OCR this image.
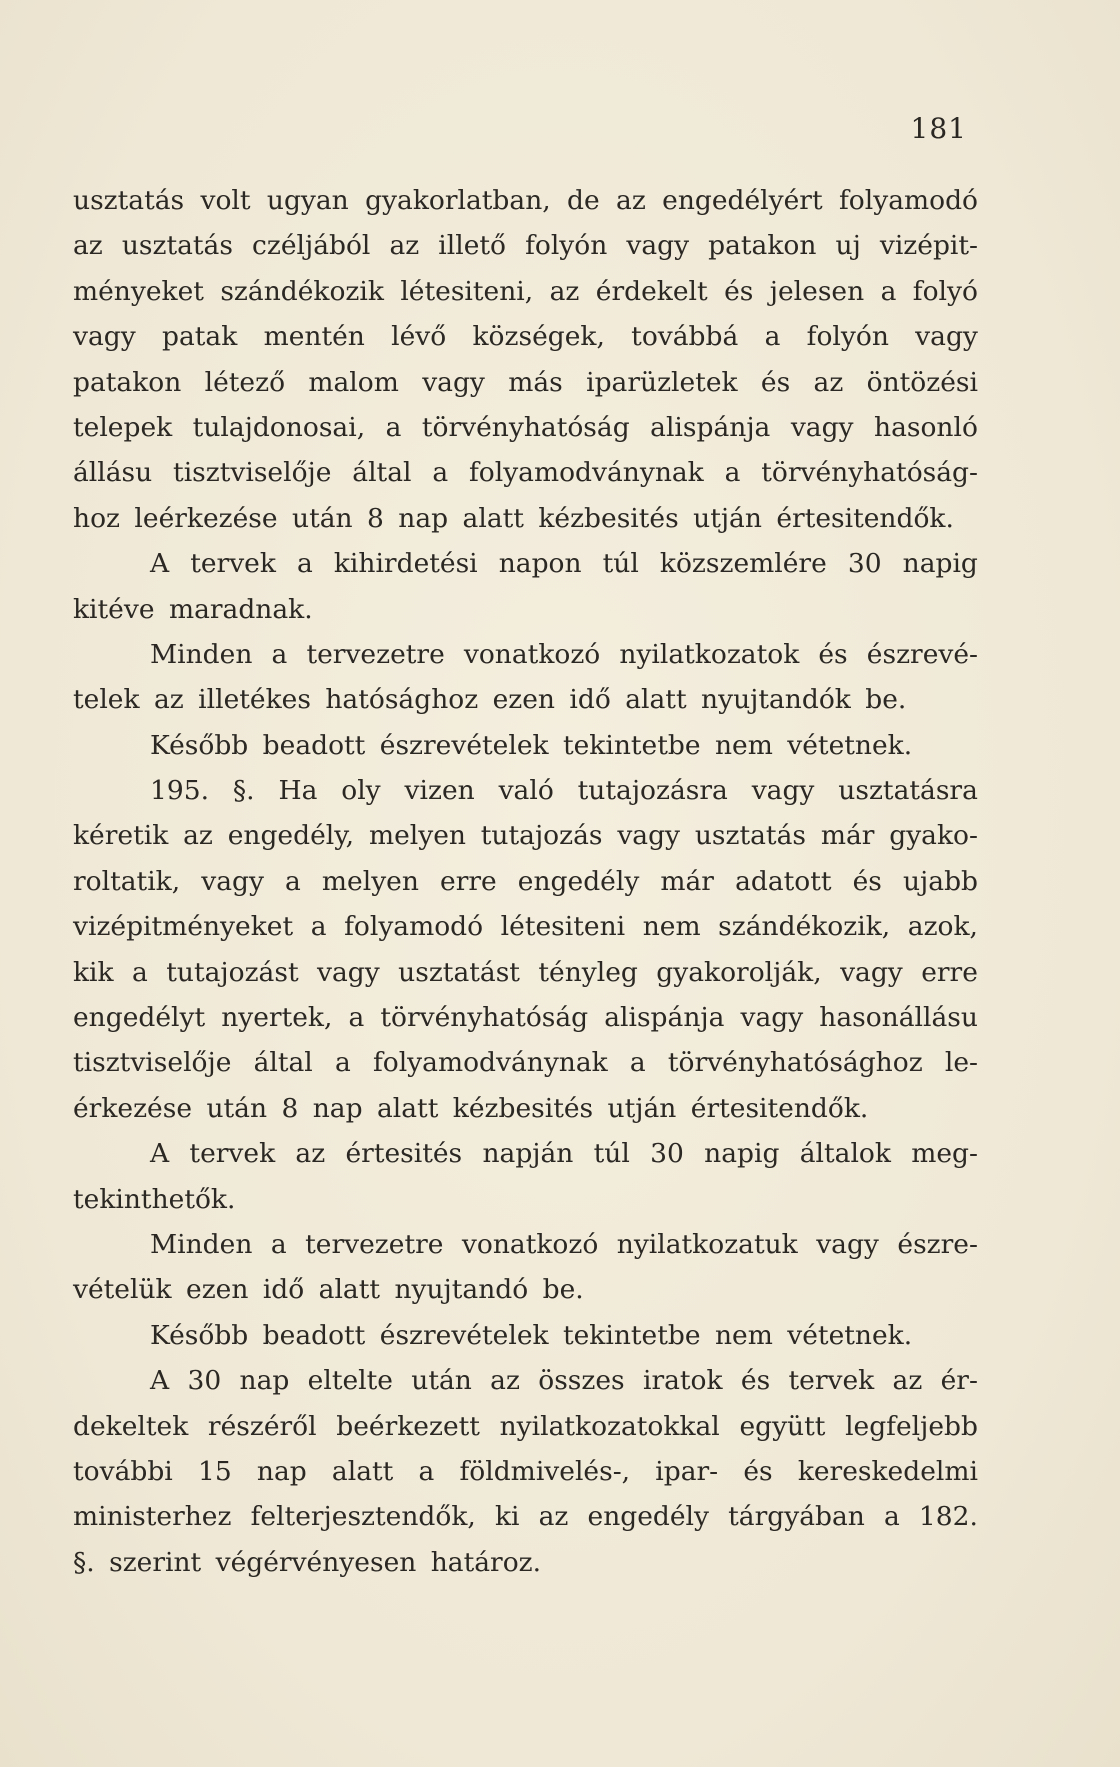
181
usztatás volt ugyan gyakorlatban, de az engedélyért folyamodó
az usztatás czéljából az illető folyón vagy patakon uj vizépit-
ményeket szándékozik létesiteni, az érdekelt és jelesen a folyó
vagy patak mentén lévő községek, továbbá a folyón vagy
patakon létező malom vagy más iparüzletek és az öntözési
telepek tulajdonosai, a törvényhatóság alispánja vagy hasonló
állásu tisztviselője által a folyamodványnak a törvényhatóság-
hoz leérkezése után 8 nap alatt kézbesités utján értesitendők.
A tervek a kihirdetési napon túl közszemlére 30 napig
kitéve maradnak.
Minden a tervezetre vonatkozó nyilatkozatok és észrevé-
telek az illetékes hatósághoz ezen idő alatt nyujtandók be.
Később beadott észrevételek tekintetbe nem vétetnek.
195. §. Ha oly vizen való tutajozásra vagy usztatásra
kéretik az engedély, melyen tutajozás vagy usztatás már gyako-
roltatik, vagy a melyen erre engedély már adatott és ujabb
vizépitményeket a folyamodó létesiteni nem szándékozik, azok,
kik a tutajozást vagy usztatást tényleg gyakorolják, vagy erre
engedélyt nyertek, a törvényhatóság alispánja vagy hasonállásu
tisztviselője által a folyamodványnak a törvényhatósághoz le-
érkezése után 8 nap alatt kézbesités utján értesitendők.
A tervek az értesités napján túl 30 napig általok meg-
tekinthetők.
Minden a tervezetre vonatkozó nyilatkozatuk vagy észre-
vételük ezen idő alatt nyujtandó be.
Később beadott észrevételek tekintetbe nem vétetnek.
A 30 nap eltelte után az összes iratok és tervek az ér-
dekeltek részéről beérkezett nyilatkozatokkal együtt legfeljebb
további 15 nap alatt a földmivelés-, ipar- és kereskedelmi
ministerhez felterjesztendők, ki az engedély tárgyában a 182.
§. szerint végérvényesen határoz.
